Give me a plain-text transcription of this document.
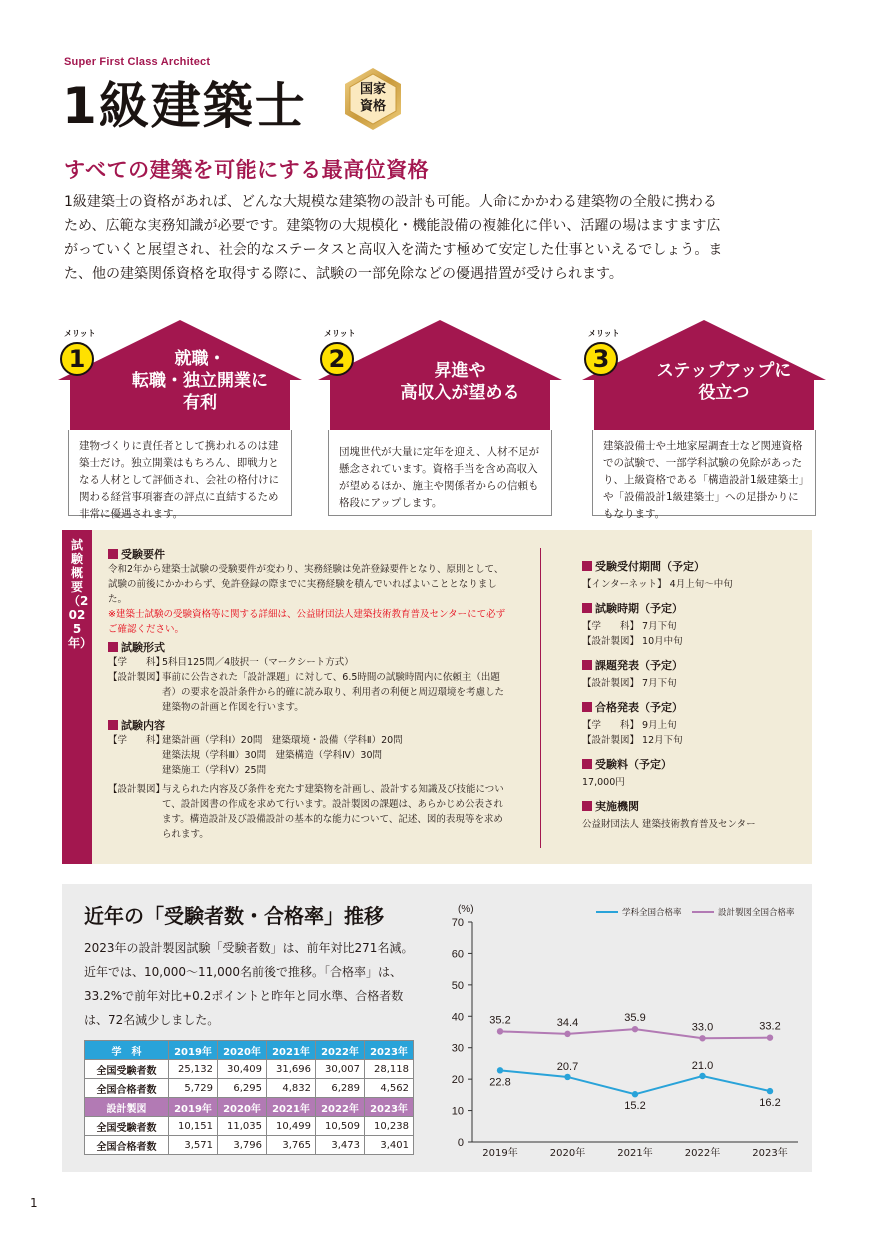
Super First Class Architect
1級建築士	国家
資格
すべての建築を可能にする最高位資格
1級建築士の資格があれば、どんな大規模な建築物の設計も可能。人命にかかわる建築物の全般に携わるため、広範な実務知識が必要です。建築物の大規模化・機能設備の複雑化に伴い、活躍の場はますます広がっていくと展望され、社会的なステータスと高収入を満たす極めて安定した仕事といえるでしょう。また、他の建築関係資格を取得する際に、試験の一部免除などの優遇措置が受けられます。
メリット
1	就職・
転職・独立開業に
有利
建物づくりに責任者として携われるのは建築士だけ。独立開業はもちろん、即戦力となる人材として評価され、会社の格付けに関わる経営事項審査の評点に直結するため非常に優遇されます。
メリット
2	昇進や
高収入が望める
団塊世代が大量に定年を迎え、人材不足が懸念されています。資格手当を含め高収入が望めるほか、施主や関係者からの信頼も格段にアップします。
メリット
3	ステップアップに
役立つ
建築設備士や土地家屋調査士など関連資格での試験で、一部学科試験の免除があったり、上級資格である「構造設計1級建築士」や「設備設計1級建築士」への足掛かりにもなります。
試験概要（2025年）
受験要件
令和2年から建築士試験の受験要件が変わり、実務経験は免許登録要件となり、原則として、試験の前後にかかわらず、免許登録の際までに実務経験を積んでいればよいこととなりました。
※建築士試験の受験資格等に関する詳細は、公益財団法人建築技術教育普及センターにて必ずご確認ください。
試験形式
【学　　科】
5科目125問／4肢択一（マークシート方式）
【設計製図】
事前に公告された「設計課題」に対して、6.5時間の試験時間内に依頼主（出題者）の要求を設計条件から的確に読み取り、利用者の利便と周辺環境を考慮した建築物の計画と作図を行います。
試験内容
【学　　科】
建築計画（学科Ⅰ）20問　建築環境・設備（学科Ⅱ）20問
建築法規（学科Ⅲ）30問　建築構造（学科Ⅳ）30問
建築施工（学科Ⅴ）25問
【設計製図】
与えられた内容及び条件を充たす建築物を計画し、設計する知識及び技能について、設計図書の作成を求めて行います。設計製図の課題は、あらかじめ公表されます。構造設計及び設備設計の基本的な能力について、記述、図的表現等を求められます。
受験受付期間（予定）
【インターネット】 4月上旬～中旬
試験時期（予定）
【学　　科】 7月下旬
【設計製図】 10月中旬
課題発表（予定）
【設計製図】 7月下旬
合格発表（予定）
【学　　科】 9月上旬
【設計製図】 12月下旬
受験料（予定）
17,000円
実施機関
公益財団法人 建築技術教育普及センター
近年の「受験者数・合格率」推移
2023年の設計製図試験「受験者数」は、前年対比271名減。近年では、10,000～11,000名前後で推移。「合格率」は、33.2%で前年対比+0.2ポイントと昨年と同水準、合格者数は、72名減少しました。
学　科	2019年	2020年	2021年	2022年	2023年
全国受験者数	25,132	30,409	31,696	30,007	28,118
全国合格者数	5,729	6,295	4,832	6,289	4,562
設計製図	2019年	2020年	2021年	2022年	2023年
全国受験者数	10,151	11,035	10,499	10,509	10,238
全国合格者数	3,571	3,796	3,765	3,473	3,401
(%)
0
10
20
30
40
50
60
70
2019年	2020年	2021年	2022年	2023年
22.8
20.7
15.2
21.0
16.2
学科全国合格率
35.2	34.4	35.9
33.0	33.2
設計製図全国合格率
1
